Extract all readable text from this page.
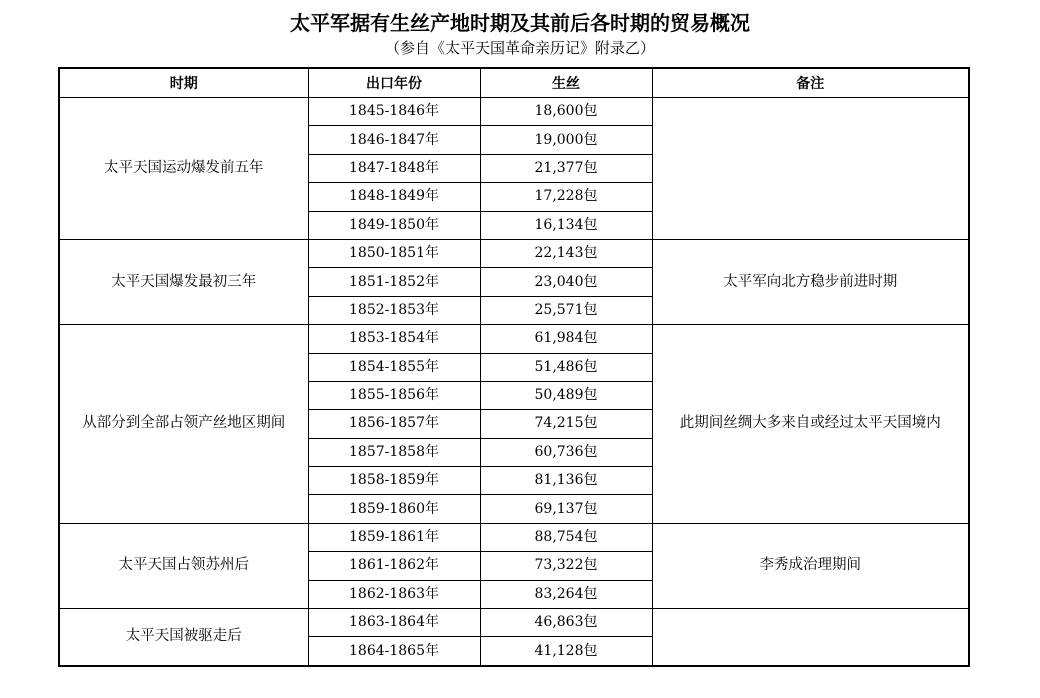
太平军据有生丝产地时期及其前后各时期的贸易概况
（参自《太平天国革命亲历记》附录乙）
时期	出口年份	生丝	备注
太平天国运动爆发前五年	1845-1846年	18,600包	
	1846-1847年	19,000包	
	1847-1848年	21,377包	
	1848-1849年	17,228包	
	1849-1850年	16,134包	
太平天国爆发最初三年	1850-1851年	22,143包	太平军向北方稳步前进时期
	1851-1852年	23,040包	
	1852-1853年	25,571包	
从部分到全部占领产丝地区期间	1853-1854年	61,984包	此期间丝绸大多来自或经过太平天国境内
	1854-1855年	51,486包	
	1855-1856年	50,489包	
	1856-1857年	74,215包	
	1857-1858年	60,736包	
	1858-1859年	81,136包	
	1859-1860年	69,137包	
太平天国占领苏州后	1859-1861年	88,754包	李秀成治理期间
	1861-1862年	73,322包	
	1862-1863年	83,264包	
太平天国被驱走后	1863-1864年	46,863包	
	1864-1865年	41,128包	
